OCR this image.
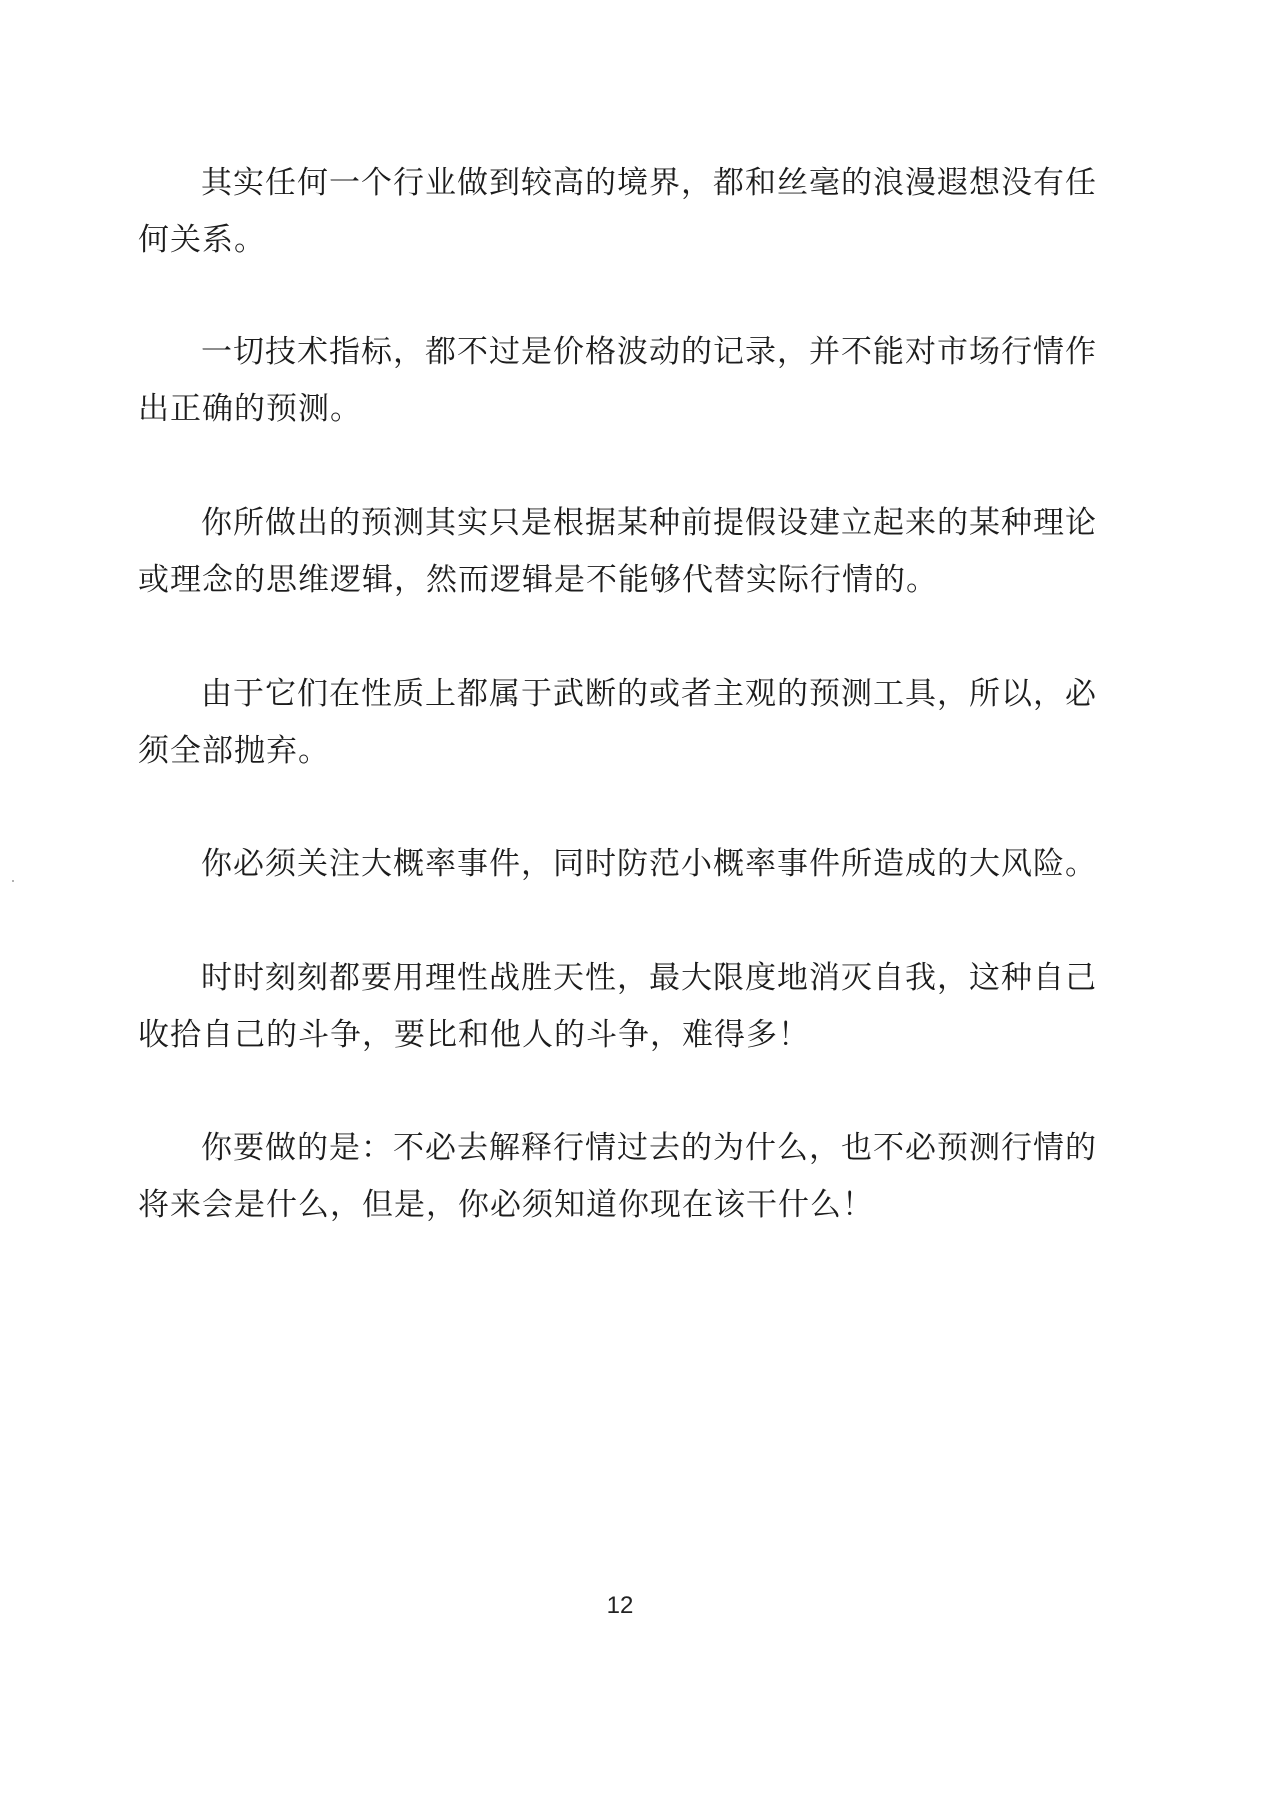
其实任何一个行业做到较高的境界，都和丝毫的浪漫遐想没有任
何关系。

一切技术指标，都不过是价格波动的记录，并不能对市场行情作
出正确的预测。

你所做出的预测其实只是根据某种前提假设建立起来的某种理论
或理念的思维逻辑，然而逻辑是不能够代替实际行情的。

由于它们在性质上都属于武断的或者主观的预测工具，所以，必
须全部抛弃。

你必须关注大概率事件，同时防范小概率事件所造成的大风险。

时时刻刻都要用理性战胜天性，最大限度地消灭自我，这种自己
收拾自己的斗争，要比和他人的斗争，难得多！

你要做的是：不必去解释行情过去的为什么，也不必预测行情的
将来会是什么，但是，你必须知道你现在该干什么！

12
